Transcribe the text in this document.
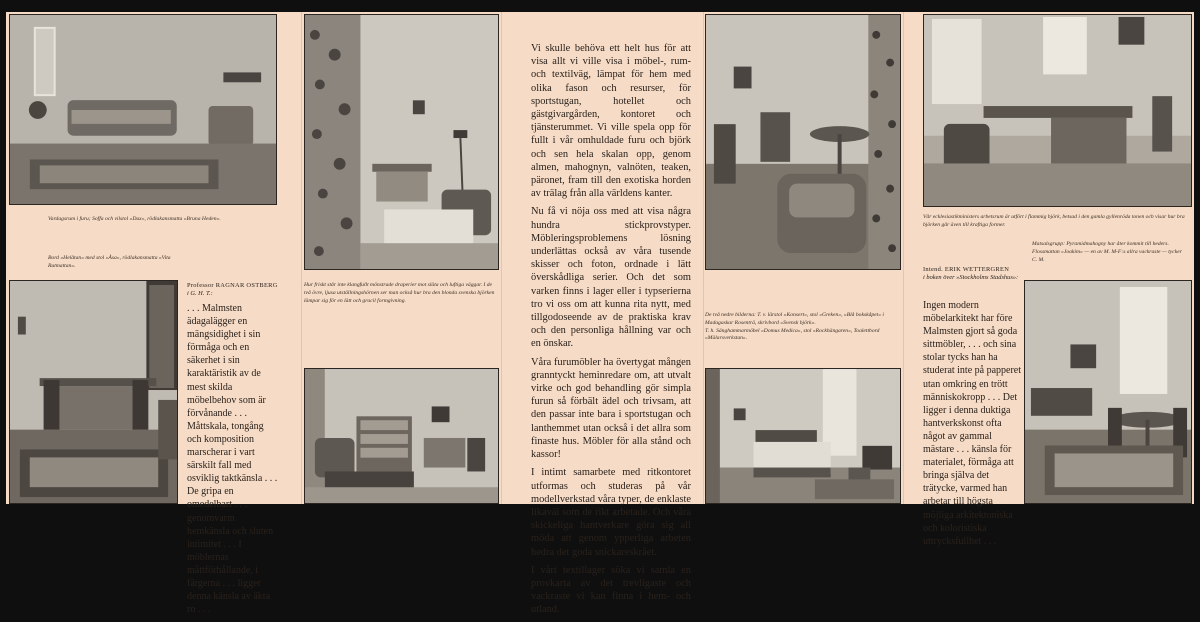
Vardagsrum i furu; Soffa och vilstol »Dux», rödlakansmatta »Bruna Heden».
Bord »Helåtan» med stol »Åsa», rödlakansmatta »Vita Rutmattan».
Professor RAGNAR OSTBERG
i G. H. T.:
. . . Malmsten ädagalägger en mängsidighet i sin förmåga och en säkerhet i sin karaktäristik av de mest skilda möbelbehov som är förvånande . . . Måttskala, tongång och komposition marscherar i vart särskilt fall med osviklig taktkänsla . . . De gripa en omedelbart . . . genomvarm hemkänsla och sluten intimitet . . . I möblernas måttförhållande, i färgerna . . . ligger denna känsla av äkta ro . . .
Hur friskt står inte klangfullt mönstrade draperier mot släta och luftiga väggar. I de två övre, ljusa utställningshörnen ser man också hur bra den blonda svenska björken lämpar sig för en lätt och gracil formgivning.

Vi skulle behöva ett helt hus för att visa allt vi ville visa i möbel-, rum- och textilväg, lämpat för hem med olika fason och resurser, för sportstugan, hotellet och gästgivargården, kontoret och tjänsterummet. Vi ville spela opp för fullt i vår omhuldade furu och björk och sen hela skalan opp, genom almen, mahognyn, valnöten, teaken, päronet, fram till den exotiska horden av trälag från alla världens kanter.

Nu få vi nöja oss med att visa några hundra stickprovstyper. Möbleringsproblemens lösning underlättas också av våra tusende skisser och foton, ordnade i lätt överskådliga serier. Och det som varken finns i lager eller i typserierna tro vi oss om att kunna rita nytt, med tillgodoseende av de praktiska krav och den personliga hållning var och en önskar.

Våra furumöbler ha övertygat mången granntyckt heminredare om, att utvalt virke och god behandling gör simpla furun så förbält ädel och trivsam, att den passar inte bara i sportstugan och lanthemmet utan också i det allra som finaste hus. Möbler för alla stånd och kassor!

I intimt samarbete med ritkontoret utformas och studeras på vår modellverkstad våra typer, de enklaste likaväl som de rikt arbetade. Och våra skickeliga hantverkare göra sig all möda att genom ypperliga arbeten hedra det goda snickareskrået.

I vårt textillager söka vi samla en provkarta av det trevligaste och vackraste vi kan finna i hem- och utland.

De två nedre bilderna: T. v. lärstol »Konsert», stol »Greken», »Blå bokskåpet» i Madagaskar Rosenträ, skrivbord »Svensk björk».
T. h. Sänghammarmöbel »Domus Medica», stol »Rockhängaren», Toalettbord »Mälarsverkstan».
Vår ecklesiastikministers arbetsrum är utfört i flammig björk, betsad i den gamla gyllenröda tonen och visar hur bra björken går även till kraftiga former.
Intend. ERIK WETTERGREN
i boken över »Stockholms Stadshus»:
Ingen modern möbelarkitekt har före Malmsten gjort så goda sittmöbler, . . . och sina stolar tycks han ha studerat inte på papperet utan omkring en trött människokropp . . . Det ligger i denna duktiga hantverkskonst ofta något av gammal mästare . . . känsla för materialet, förmåga att bringa själva det trätycke, varmed han arbetar till högsta möjliga arkitektoniska och koloristiska uttrycksfullhet . . .
Matsalsgrupp: Pyramidmahogny har åter kommit till heders. Flossmattan »Joakim» — en av M. M-F:s allra vackraste — tycker C. M.
